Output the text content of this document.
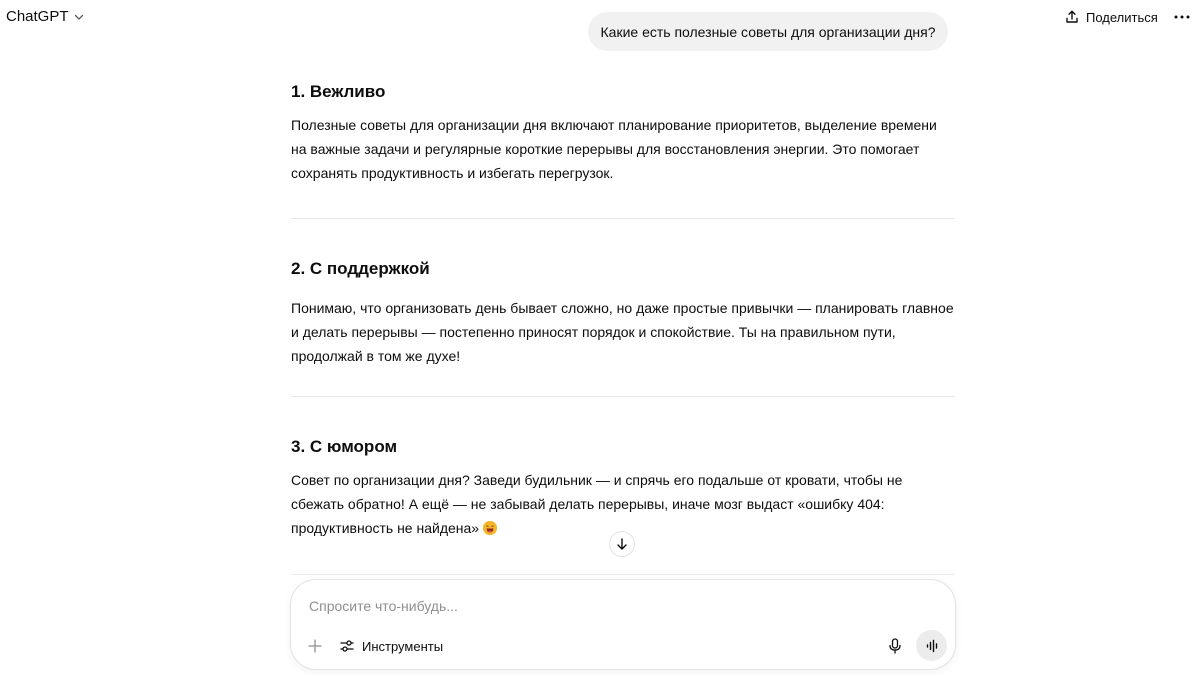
ChatGPT	Поделиться
Какие есть полезные советы для организации дня?
1. Вежливо

Полезные советы для организации дня включают планирование приоритетов, выделение времени на важные задачи и регулярные короткие перерывы для восстановления энергии. Это помогает сохранять продуктивность и избегать перегрузок.

2. С поддержкой

Понимаю, что организовать день бывает сложно, но даже простые привычки — планировать главное и делать перерывы — постепенно приносят порядок и спокойствие. Ты на правильном пути, продолжай в том же духе!

3. С юмором

Совет по организации дня? Заведи будильник — и спрячь его подальше от кровати, чтобы не сбежать обратно! А ещё — не забывай делать перерывы, иначе мозг выдаст «ошибку 404: продуктивность не найдена»

Спросите что-нибудь...
Инструменты
